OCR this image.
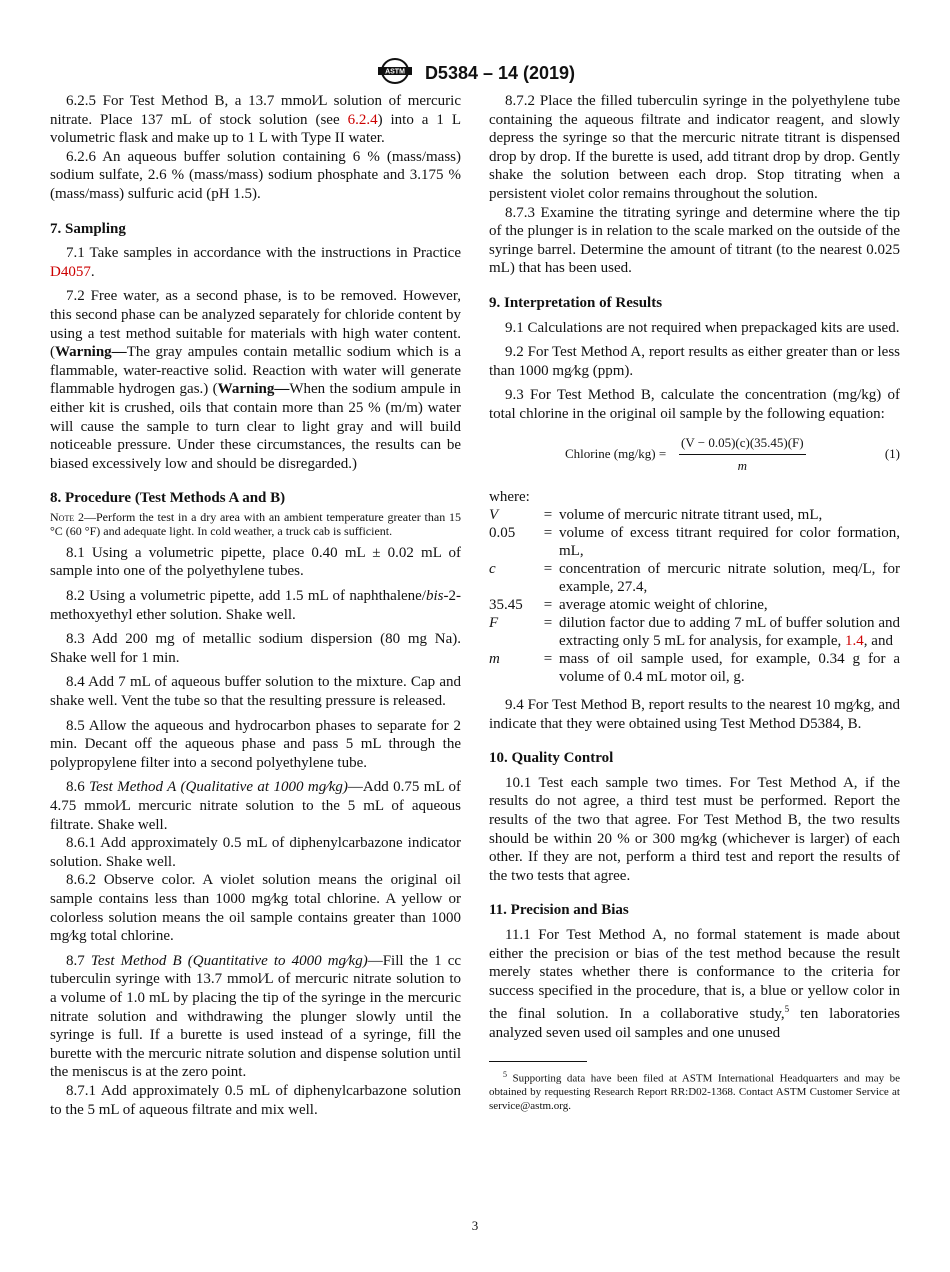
ASTM D5384 – 14 (2019)

6.2.5 For Test Method B, a 13.7 mmol⁄L solution of mercuric nitrate. Place 137 mL of stock solution (see 6.2.4) into a 1 L volumetric flask and make up to 1 L with Type II water.

6.2.6 An aqueous buffer solution containing 6 % (mass/mass) sodium sulfate, 2.6 % (mass/mass) sodium phosphate and 3.175 % (mass/mass) sulfuric acid (pH 1.5).

7. Sampling

7.1 Take samples in accordance with the instructions in Practice D4057.

7.2 Free water, as a second phase, is to be removed. However, this second phase can be analyzed separately for chloride content by using a test method suitable for materials with high water content. (Warning—The gray ampules contain metallic sodium which is a flammable, water-reactive solid. Reaction with water will generate flammable hydrogen gas.) (Warning—When the sodium ampule in either kit is crushed, oils that contain more than 25 % (m/m) water will cause the sample to turn clear to light gray and will build noticeable pressure. Under these circumstances, the results can be biased excessively low and should be disregarded.)

8. Procedure (Test Methods A and B)
Note 2—Perform the test in a dry area with an ambient temperature greater than 15 °C (60 °F) and adequate light. In cold weather, a truck cab is sufficient.

8.1 Using a volumetric pipette, place 0.40 mL ± 0.02 mL of sample into one of the polyethylene tubes.

8.2 Using a volumetric pipette, add 1.5 mL of naphthalene/bis-2-methoxyethyl ether solution. Shake well.

8.3 Add 200 mg of metallic sodium dispersion (80 mg Na). Shake well for 1 min.

8.4 Add 7 mL of aqueous buffer solution to the mixture. Cap and shake well. Vent the tube so that the resulting pressure is released.

8.5 Allow the aqueous and hydrocarbon phases to separate for 2 min. Decant off the aqueous phase and pass 5 mL through the polypropylene filter into a second polyethylene tube.

8.6 Test Method A (Qualitative at 1000 mg⁄kg)—Add 0.75 mL of 4.75 mmol⁄L mercuric nitrate solution to the 5 mL of aqueous filtrate. Shake well.

8.6.1 Add approximately 0.5 mL of diphenylcarbazone indicator solution. Shake well.

8.6.2 Observe color. A violet solution means the original oil sample contains less than 1000 mg⁄kg total chlorine. A yellow or colorless solution means the oil sample contains greater than 1000 mg⁄kg total chlorine.

8.7 Test Method B (Quantitative to 4000 mg⁄kg)—Fill the 1 cc tuberculin syringe with 13.7 mmol⁄L of mercuric nitrate solution to a volume of 1.0 mL by placing the tip of the syringe in the mercuric nitrate solution and withdrawing the plunger slowly until the syringe is full. If a burette is used instead of a syringe, fill the burette with the mercuric nitrate solution and dispense solution until the meniscus is at the zero point.

8.7.1 Add approximately 0.5 mL of diphenylcarbazone solution to the 5 mL of aqueous filtrate and mix well.

8.7.2 Place the filled tuberculin syringe in the polyethylene tube containing the aqueous filtrate and indicator reagent, and slowly depress the syringe so that the mercuric nitrate titrant is dispensed drop by drop. If the burette is used, add titrant drop by drop. Gently shake the solution between each drop. Stop titrating when a persistent violet color remains throughout the solution.

8.7.3 Examine the titrating syringe and determine where the tip of the plunger is in relation to the scale marked on the outside of the syringe barrel. Determine the amount of titrant (to the nearest 0.025 mL) that has been used.

9. Interpretation of Results

9.1 Calculations are not required when prepackaged kits are used.

9.2 For Test Method A, report results as either greater than or less than 1000 mg⁄kg (ppm).

9.3 For Test Method B, calculate the concentration (mg/kg) of total chlorine in the original oil sample by the following equation:

Chlorine $(mg/kg) = \frac{(V - 0.05)(c)(35.45)(F)}{m}$	(1)
where:
V	=	volume of mercuric nitrate titrant used, mL,
0.05	=	volume of excess titrant required for color formation, mL,
c	=	concentration of mercuric nitrate solution, meq/L, for example, 27.4,
35.45	=	average atomic weight of chlorine,
F	=	dilution factor due to adding 7 mL of buffer solution and extracting only 5 mL for analysis, for example, 1.4, and
m	=	mass of oil sample used, for example, 0.34 g for a volume of 0.4 mL motor oil, g.

9.4 For Test Method B, report results to the nearest 10 mg⁄kg, and indicate that they were obtained using Test Method D5384, B.

10. Quality Control

10.1 Test each sample two times. For Test Method A, if the results do not agree, a third test must be performed. Report the results of the two that agree. For Test Method B, the two results should be within 20 % or 300 mg⁄kg (whichever is larger) of each other. If they are not, perform a third test and report the results of the two tests that agree.

11. Precision and Bias

11.1 For Test Method A, no formal statement is made about either the precision or bias of the test method because the result merely states whether there is conformance to the criteria for success specified in the procedure, that is, a blue or yellow color in the final solution. In a collaborative study,$^5$ ten laboratories analyzed seven used oil samples and one unused

$^5$ Supporting data have been filed at ASTM International Headquarters and may be obtained by requesting Research Report RR:D02-1368. Contact ASTM Customer Service at service@astm.org.
3
